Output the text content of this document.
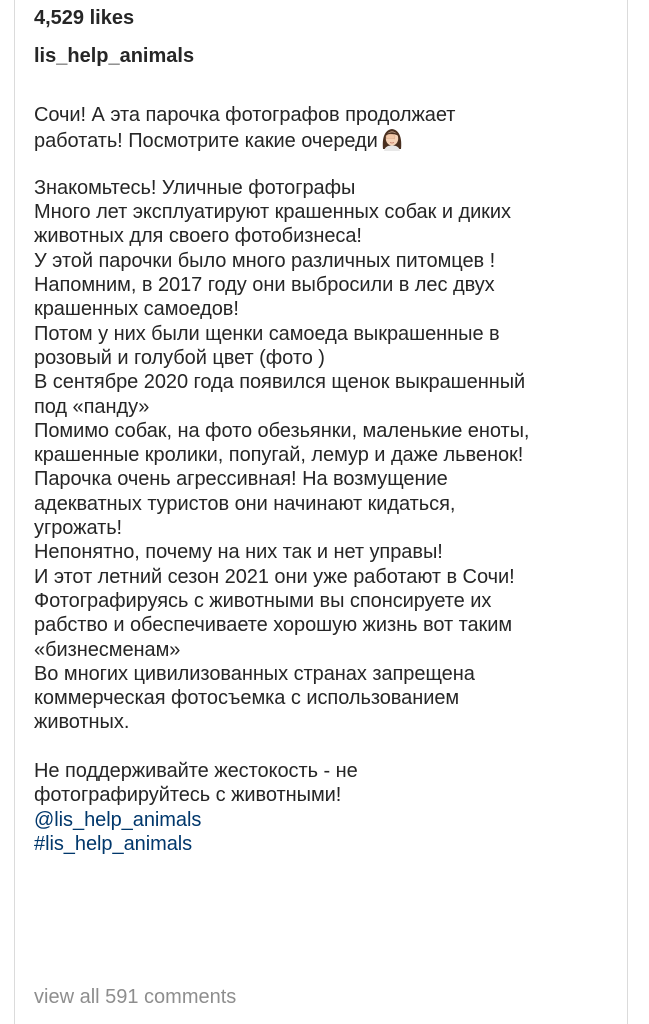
4,529 likes
lis_help_animals
Сочи! А эта парочка фотографов продолжает
работать! Посмотрите какие очереди
Знакомьтесь! Уличные фотографы
Много лет эксплуатируют крашенных собак и диких
животных для своего фотобизнеса!
У этой парочки было много различных питомцев !
Напомним, в 2017 году они выбросили в лес двух
крашенных самоедов!
Потом у них были щенки самоеда выкрашенные в
розовый и голубой цвет (фото )
В сентябре 2020 года появился щенок выкрашенный
под «панду»
Помимо собак, на фото обезьянки, маленькие еноты,
крашенные кролики, попугай, лемур и даже львенок!
Парочка очень агрессивная! На возмущение
адекватных туристов они начинают кидаться,
угрожать!
Непонятно, почему на них так и нет управы!
И этот летний сезон 2021 они уже работают в Сочи!
Фотографируясь с животными вы спонсируете их
рабство и обеспечиваете хорошую жизнь вот таким
«бизнесменам»
Во многих цивилизованных странах запрещена
коммерческая фотосъемка с использованием
животных.
Не поддерживайте жестокость - не
фотографируйтесь с животными!
@lis_help_animals
#lis_help_animals
view all 591 comments
